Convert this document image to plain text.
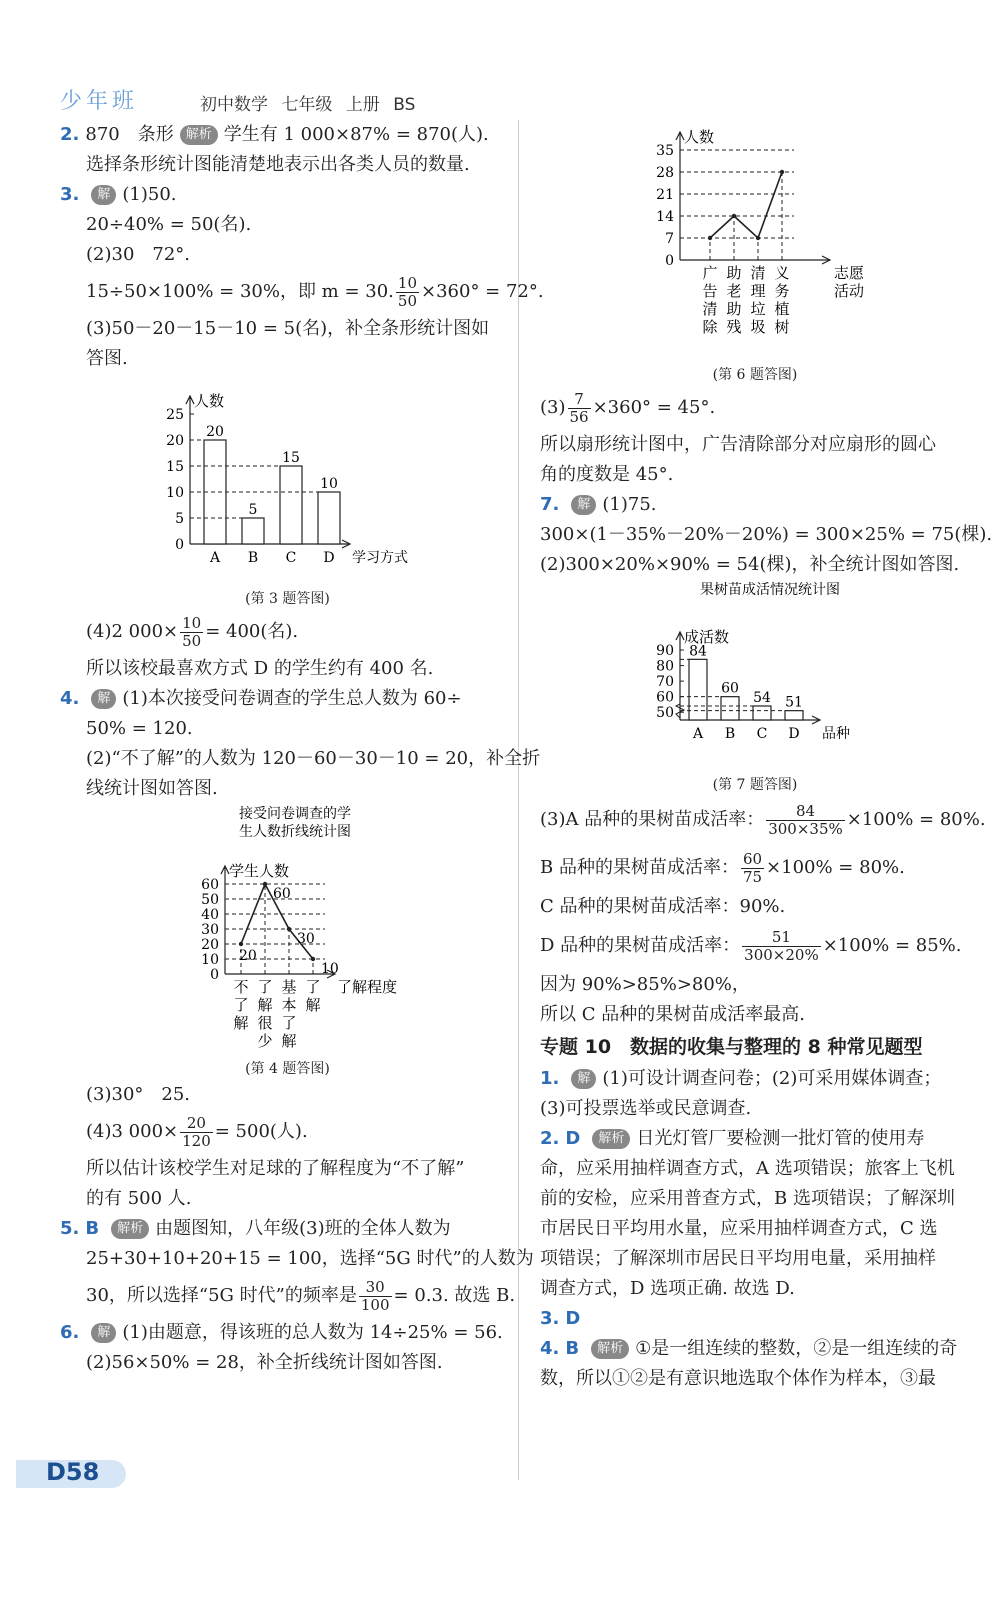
少年班	初中数学 七年级 上册 BS

2. 870　条形 解析 学生有 1 000×87% = 870(人).

选择条形统计图能清楚地表示出各类人员的数量.

3. 解 (1)50.

20÷40% = 50(名).

(2)30　72°.

15÷50×100% = 30%，即 m = 30. $\frac{10}{50} \times 360^\circ = 72^\circ$.

(3)50－20－15－10 = 5(名)，补全条形统计图如

答图.

人数
0
5
10
15
20
25
20
5
15
10
A B C D 学习方式
(第 3 题答图)

(4)2 $000\times \frac{10}{50} = 400$(名).

所以该校最喜欢方式 D 的学生约有 400 名.

4. 解 (1)本次接受问卷调查的学生总人数为 60÷

50% = 120.

(2)“不了解”的人数为 120－60－30－10 = 20，补全折

线统计图如答图.

接受问卷调查的学
生人数折线统计图
学生人数
0
10
20
30
40
50
60
20
60
30
10
不
了
解
了
解
很
少
基
本
了
解
了
解
了解程度
(第 4 题答图)

(3)30°　25.

(4)3 $000\times \frac{20}{120} = 500$(人).

所以估计该校学生对足球的了解程度为“不了解”

的有 500 人.

5. B 解析 由题图知，八年级(3)班的全体人数为

25+30+10+20+15 = 100，选择“5G 时代”的人数为

30，所以选择“5G 时代”的频率是 $\frac{30}{100} = 0.3$. 故选 B.

6. 解 (1)由题意，得该班的总人数为 14÷25% = 56.

(2)56×50% = 28，补全折线统计图如答图.

人数
0
7
14
21
28
35
广
告
清
除
助
老
助
残
清
理
垃
圾
义
务
植
树
志愿
活动
(第 6 题答图)

$(3) \frac{7}{56} \times 360^\circ = 45^\circ$.

所以扇形统计图中，广告清除部分对应扇形的圆心

角的度数是 45°.

7. 解 (1)75.

300×(1－35%－20%－20%) = 300×25% = 75(棵).

(2)300×20%×90% = 54(棵)，补全统计图如答图.

果树苗成活情况统计图
成活数
50
60
70
80
90 84
60
54 51
A B C D 品种
(第 7 题答图)

(3)A 品种的果树苗成活率： $\frac{84}{300\times 35\%} \times 100\% = 80\%$.

B 品种的果树苗成活率： $\frac{60}{75} \times 100\% = 80\%$.

C 品种的果树苗成活率：90%.

D 品种的果树苗成活率： $\frac{51}{300\times 20\%} \times 100\% = 85\%$.

因为 90%>85%>80%，

所以 C 品种的果树苗成活率最高.

专题 10　数据的收集与整理的 8 种常见题型

1. 解 (1)可设计调查问卷；(2)可采用媒体调查；

(3)可投票选举或民意调查.

2. D 解析 日光灯管厂要检测一批灯管的使用寿

命，应采用抽样调查方式，A 选项错误；旅客上飞机

前的安检，应采用普查方式，B 选项错误；了解深圳

市居民日平均用水量，应采用抽样调查方式，C 选

项错误；了解深圳市居民日平均用电量，采用抽样

调查方式，D 选项正确. 故选 D.

3. D

4. B 解析 ①是一组连续的整数，②是一组连续的奇

数，所以①②是有意识地选取个体作为样本，③最

D58
